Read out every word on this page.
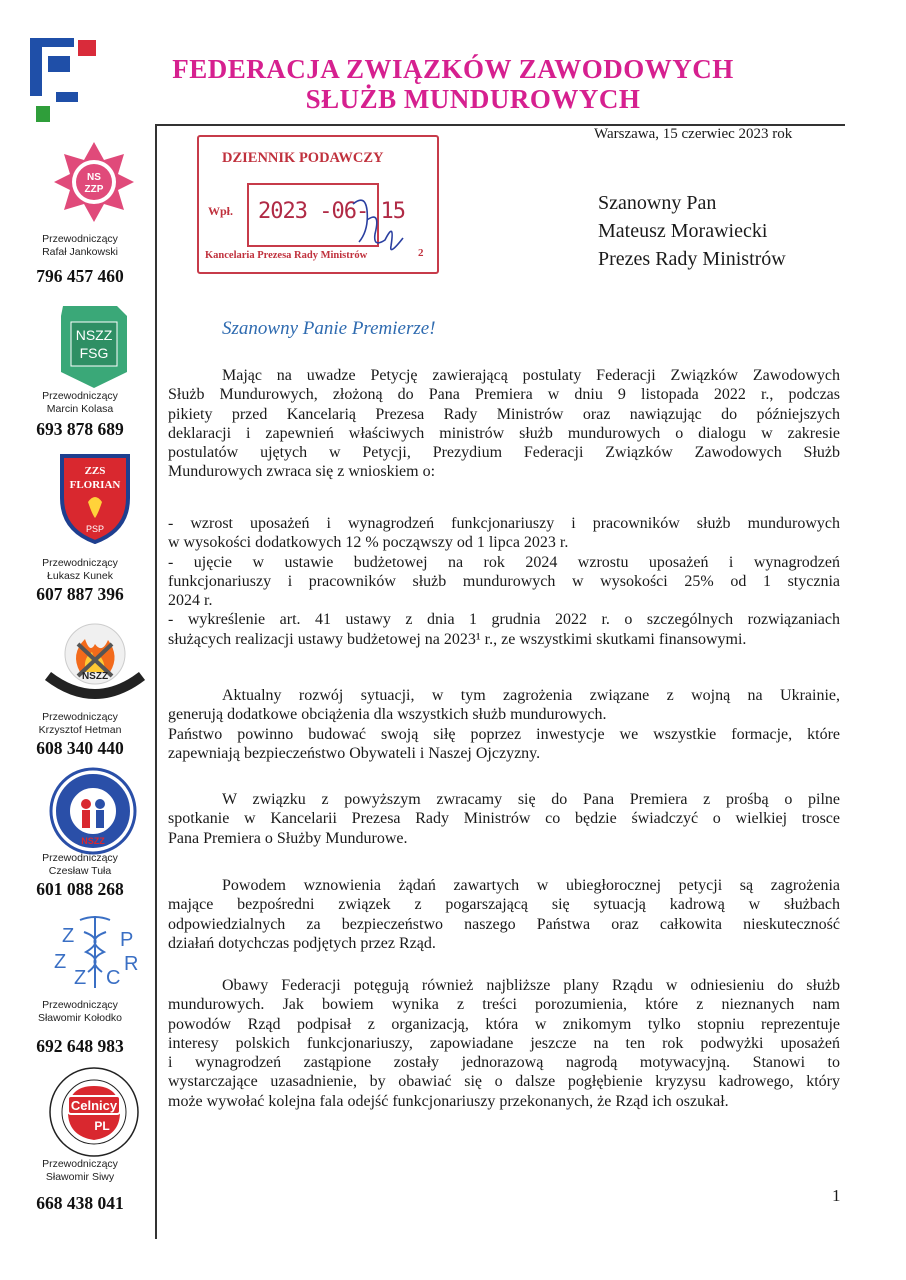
FEDERACJA ZWIĄZKÓW ZAWODOWYCH
SŁUŻB MUNDUROWYCH
NS
ZZP
Przewodniczący
Rafał Jankowski
796 457 460
NSZZ
FSG
Przewodniczący
Marcin Kolasa
693 878 689
ZZS
FLORIAN
PSP
Przewodniczący
Łukasz Kunek
607 887 396
NSZZ
Przewodniczący
Krzysztof Hetman
608 340 440
NSZZ
Przewodniczący
Czesław Tuła
601 088 268
Z
Z
Z
P
R
C
Przewodniczący
Sławomir Kołodko
692 648 983
Celnicy
PL
Przewodniczący
Sławomir Siwy
668 438 041
DZIENNIK PODAWCZY
Wpł. 2023 -06- 15
Kancelaria Prezesa Rady Ministrów	2
Warszawa, 15 czerwiec 2023 rok
Szanowny Pan
Mateusz Morawiecki
Prezes Rady Ministrów
Szanowny Panie Premierze!
Mając na uwadze Petycję zawierającą postulaty Federacji Związków Zawodowych
Służb Mundurowych, złożoną do Pana Premiera w dniu 9 listopada 2022 r., podczas
pikiety przed Kancelarią Prezesa Rady Ministrów oraz nawiązując do późniejszych
deklaracji i zapewnień właściwych ministrów służb mundurowych o dialogu w zakresie
postulatów ujętych w Petycji, Prezydium Federacji Związków Zawodowych Służb
Mundurowych zwraca się z wnioskiem o:
- wzrost uposażeń i wynagrodzeń funkcjonariuszy i pracowników służb mundurowych
w wysokości dodatkowych 12 % począwszy od 1 lipca 2023 r.
- ujęcie w ustawie budżetowej na rok 2024 wzrostu uposażeń i wynagrodzeń
funkcjonariuszy i pracowników służb mundurowych w wysokości 25% od 1 stycznia
2024 r.
- wykreślenie art. 41 ustawy z dnia 1 grudnia 2022 r. o szczególnych rozwiązaniach
służących realizacji ustawy budżetowej na 2023¹ r., ze wszystkimi skutkami finansowymi.
Aktualny rozwój sytuacji, w tym zagrożenia związane z wojną na Ukrainie,
generują dodatkowe obciążenia dla wszystkich służb mundurowych.
Państwo powinno budować swoją siłę poprzez inwestycje we wszystkie formacje, które
zapewniają bezpieczeństwo Obywateli i Naszej Ojczyzny.
W związku z powyższym zwracamy się do Pana Premiera z prośbą o pilne
spotkanie w Kancelarii Prezesa Rady Ministrów co będzie świadczyć o wielkiej trosce
Pana Premiera o Służby Mundurowe.
Powodem wznowienia żądań zawartych w ubiegłorocznej petycji są zagrożenia
mające bezpośredni związek z pogarszającą się sytuacją kadrową w służbach
odpowiedzialnych za bezpieczeństwo naszego Państwa oraz całkowita nieskuteczność
działań dotychczas podjętych przez Rząd.
Obawy Federacji potęgują również najbliższe plany Rządu w odniesieniu do służb
mundurowych. Jak bowiem wynika z treści porozumienia, które z nieznanych nam
powodów Rząd podpisał z organizacją, która w znikomym tylko stopniu reprezentuje
interesy polskich funkcjonariuszy, zapowiadane jeszcze na ten rok podwyżki uposażeń
i wynagrodzeń zastąpione zostały jednorazową nagrodą motywacyjną. Stanowi to
wystarczające uzasadnienie, by obawiać się o dalsze pogłębienie kryzysu kadrowego, który
może wywołać kolejna fala odejść funkcjonariuszy przekonanych, że Rząd ich oszukał.
1
